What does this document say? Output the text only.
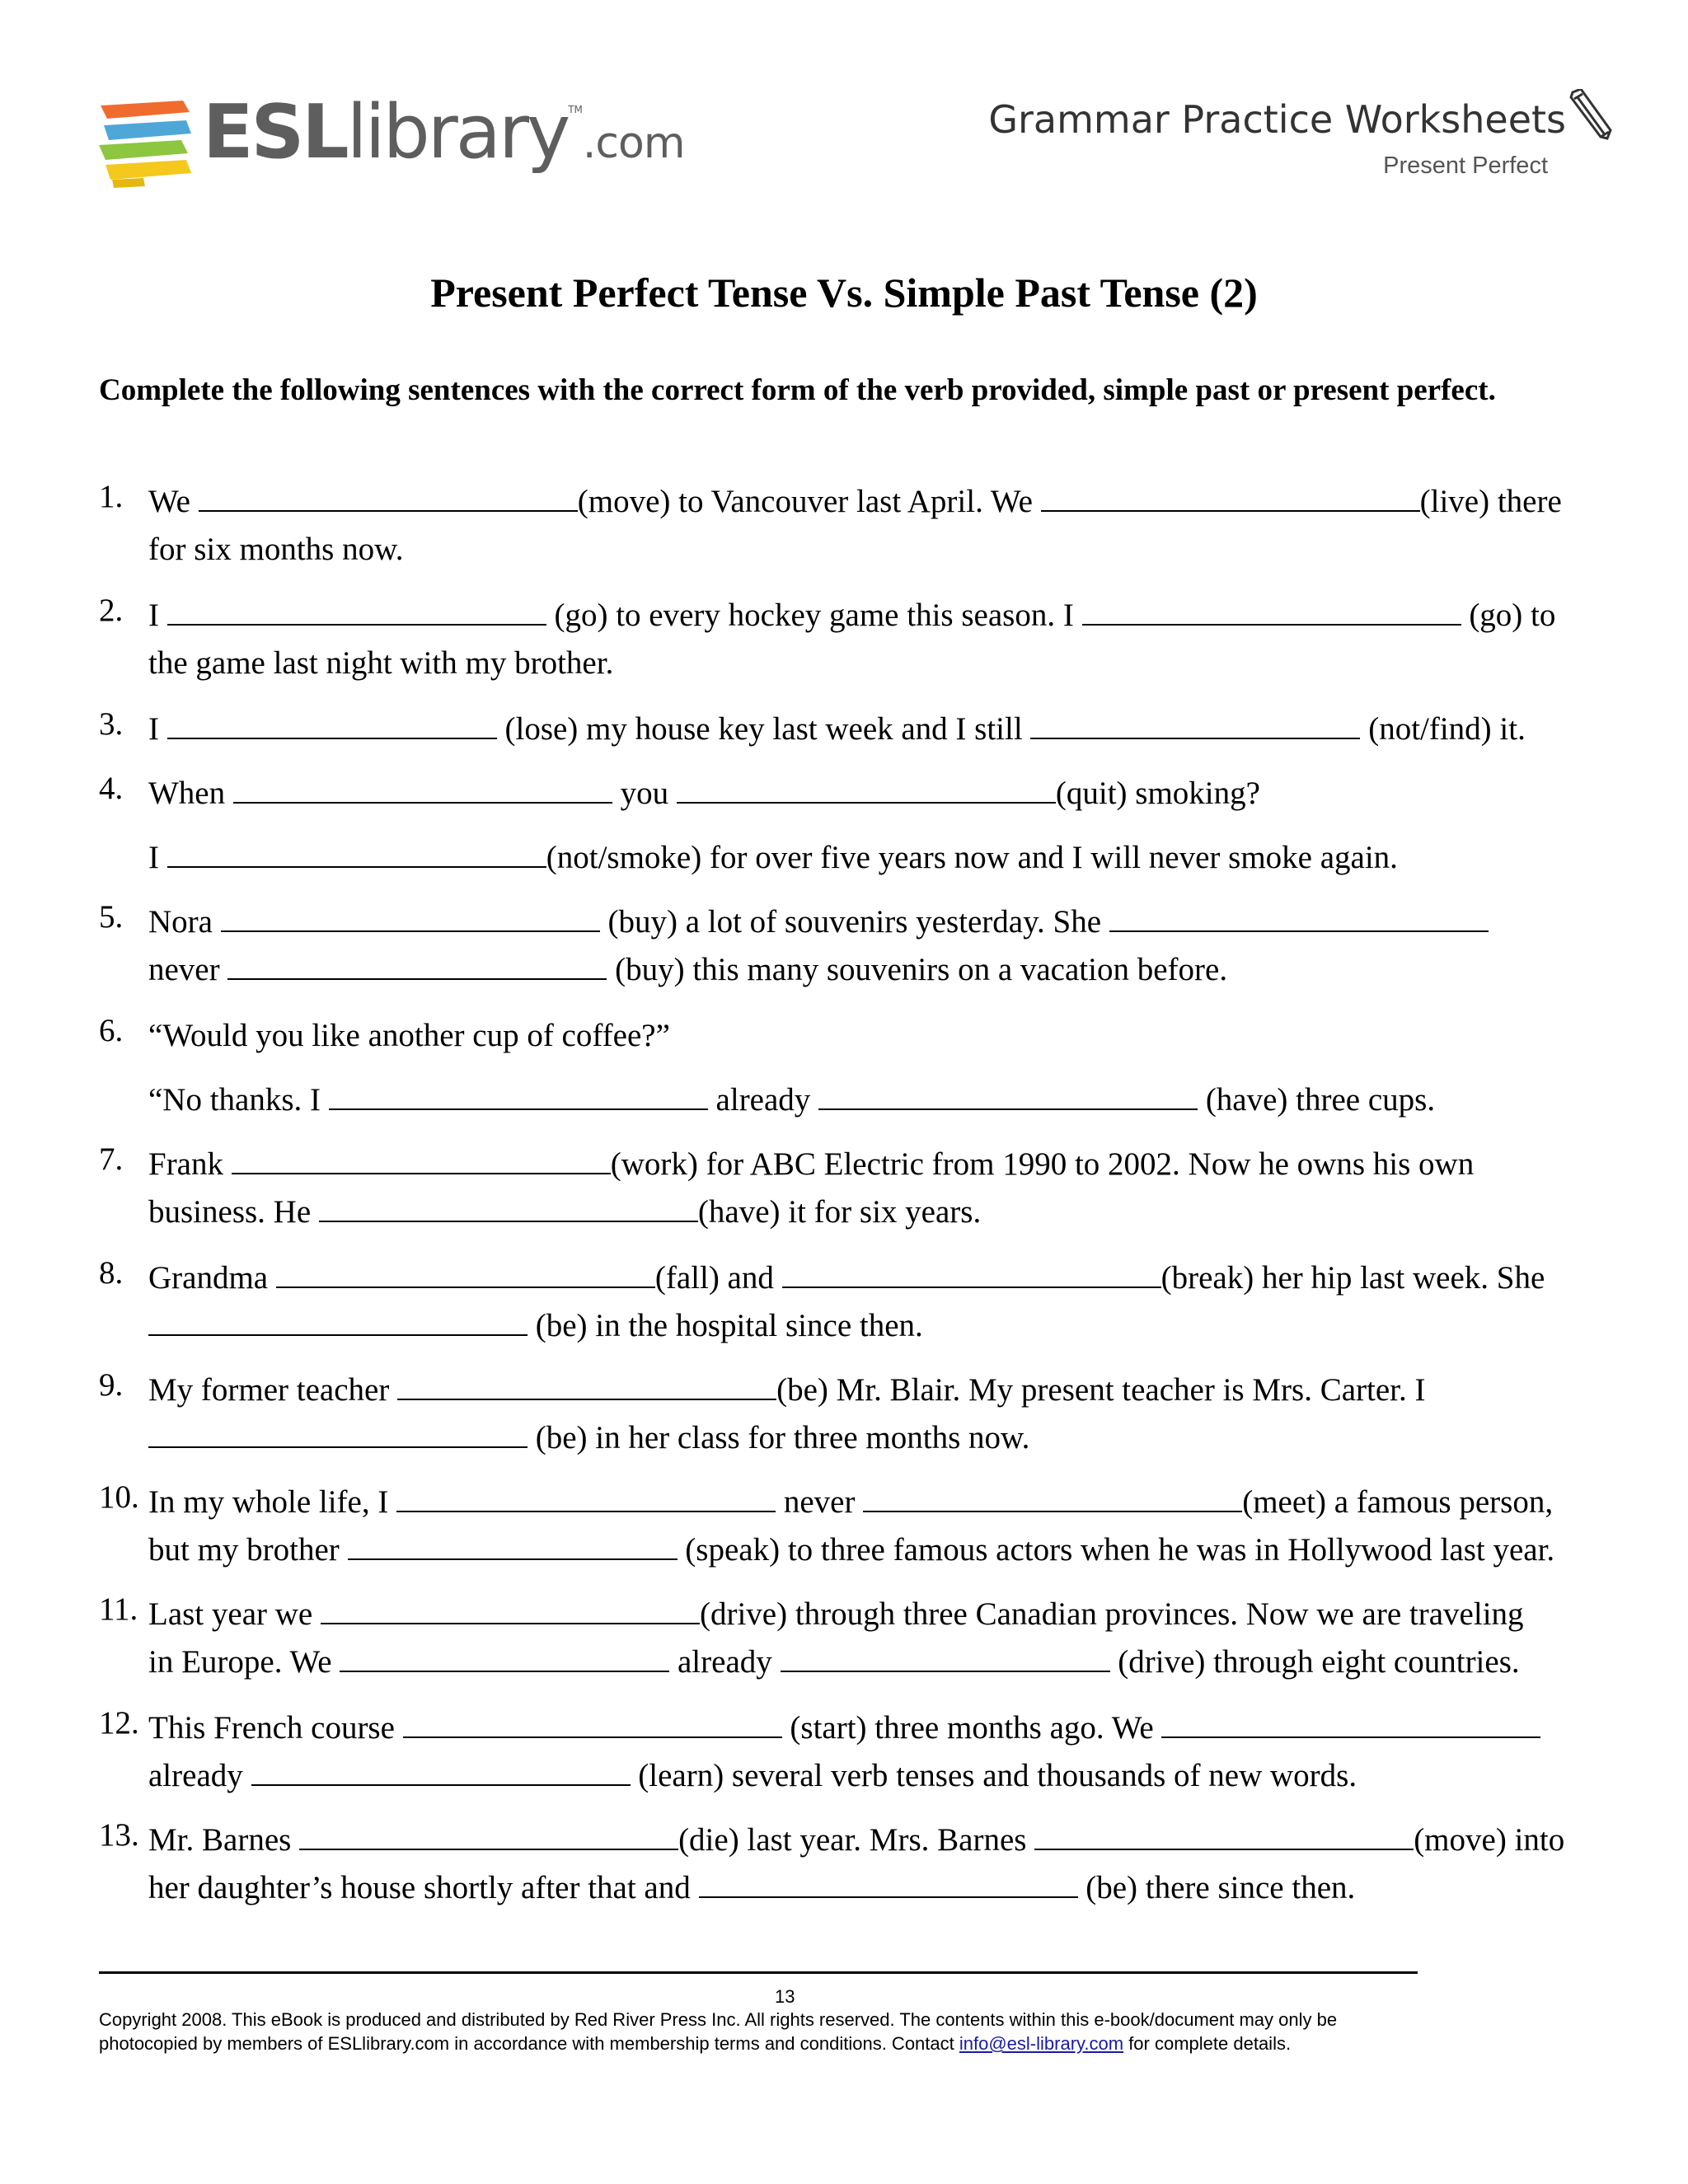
ESLlibrary™.com	Grammar Practice Worksheets
Present Perfect
Present Perfect Tense Vs. Simple Past Tense (2)
Complete the following sentences with the correct form of the verb provided, simple past or present perfect.
1. We	(move) to Vancouver last April. We	(live) there
for six months now.
2. I	(go) to every hockey game this season. I	(go) to
the game last night with my brother.
3. I	(lose) my house key last week and I still	(not/find) it.
4. When	you	(quit) smoking?
I	(not/smoke) for over five years now and I will never smoke again.
5. Nora	(buy) a lot of souvenirs yesterday. She
never	(buy) this many souvenirs on a vacation before.
6. “Would you like another cup of coffee?”
“No thanks. I	already	(have) three cups.
7. Frank	(work) for ABC Electric from 1990 to 2002. Now he owns his own
business. He	(have) it for six years.
8. Grandma	(fall) and	(break) her hip last week. She
(be) in the hospital since then.
9. My former teacher	(be) Mr. Blair. My present teacher is Mrs. Carter. I
(be) in her class for three months now.
10. In my whole life, I	never	(meet) a famous person,
but my brother	(speak) to three famous actors when he was in Hollywood last year.
11. Last year we	(drive) through three Canadian provinces. Now we are traveling
in Europe. We	already	(drive) through eight countries.
12. This French course	(start) three months ago. We
already	(learn) several verb tenses and thousands of new words.
13. Mr. Barnes	(die) last year. Mrs. Barnes	(move) into
her daughter’s house shortly after that and	(be) there since then.
13
Copyright 2008. This eBook is produced and distributed by Red River Press Inc. All rights reserved. The contents within this e-book/document may only be
photocopied by members of ESLlibrary.com in accordance with membership terms and conditions. Contact info@esl-library.com for complete details.
